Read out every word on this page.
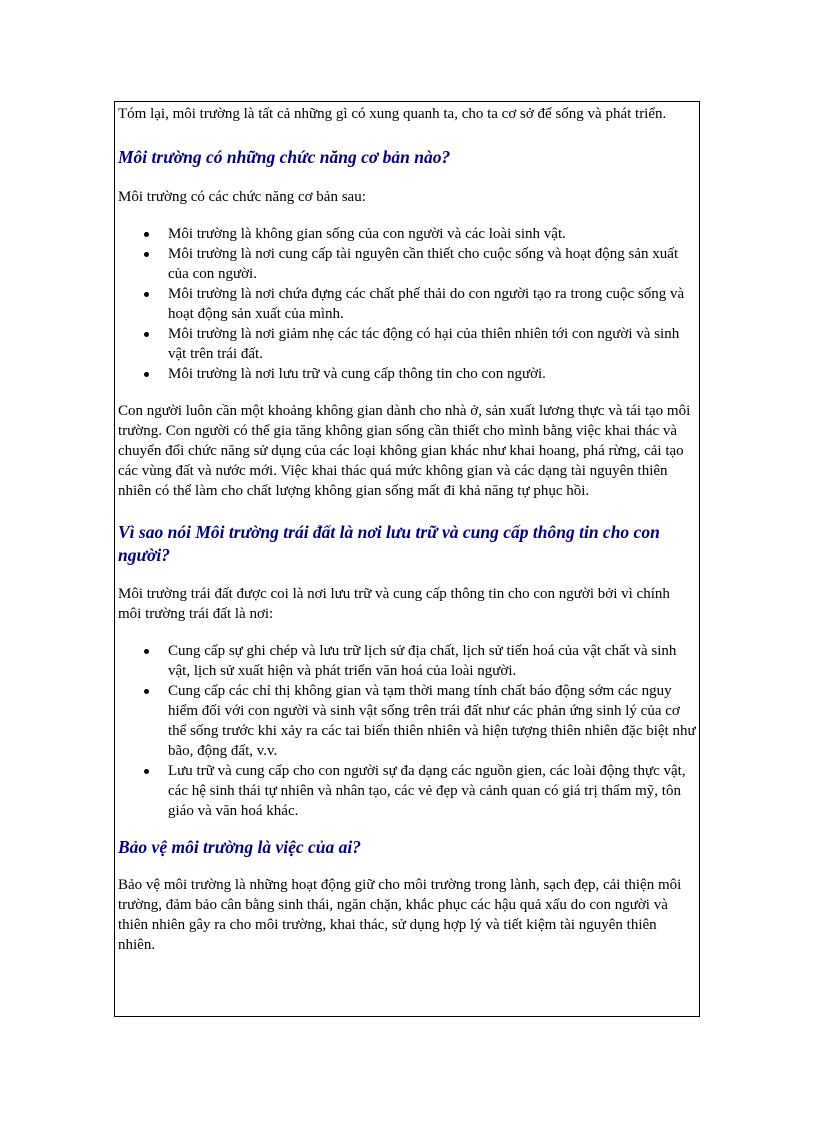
Tóm lại, môi trường là tất cả những gì có xung quanh ta, cho ta cơ sở để sống và phát triển.

Môi trường có những chức năng cơ bản nào?

Môi trường có các chức năng cơ bản sau:

Môi trường là không gian sống của con người và các loài sinh vật.
Môi trường là nơi cung cấp tài nguyên cần thiết cho cuộc sống và hoạt động sản xuất của con người.
Môi trường là nơi chứa đựng các chất phế thải do con người tạo ra trong cuộc sống và hoạt động sản xuất của mình.
Môi trường là nơi giảm nhẹ các tác động có hại của thiên nhiên tới con người và sinh vật trên trái đất.
Môi trường là nơi lưu trữ và cung cấp thông tin cho con người.

Con người luôn cần một khoảng không gian dành cho nhà ở, sản xuất lương thực và tái tạo môi trường. Con người có thể gia tăng không gian sống cần thiết cho mình bằng việc khai thác và chuyển đổi chức năng sử dụng của các loại không gian khác như khai hoang, phá rừng, cải tạo các vùng đất và nước mới. Việc khai thác quá mức không gian và các dạng tài nguyên thiên nhiên có thể làm cho chất lượng không gian sống mất đi khả năng tự phục hồi.

Vì sao nói Môi trường trái đất là nơi lưu trữ và cung cấp thông tin cho con người?

Môi trường trái đất được coi là nơi lưu trữ và cung cấp thông tin cho con người bởi vì chính môi trường trái đất là nơi:

Cung cấp sự ghi chép và lưu trữ lịch sử địa chất, lịch sử tiến hoá của vật chất và sinh vật, lịch sử xuất hiện và phát triển văn hoá của loài người.
Cung cấp các chỉ thị không gian và tạm thời mang tính chất báo động sớm các nguy hiểm đối với con người và sinh vật sống trên trái đất như các phản ứng sinh lý của cơ thể sống trước khi xảy ra các tai biến thiên nhiên và hiện tượng thiên nhiên đặc biệt như bão, động đất, v.v.
Lưu trữ và cung cấp cho con người sự đa dạng các nguồn gien, các loài động thực vật, các hệ sinh thái tự nhiên và nhân tạo, các vẻ đẹp và cảnh quan có giá trị thẩm mỹ, tôn giáo và văn hoá khác.
Bảo vệ môi trường là việc của ai?

Bảo vệ môi trường là những hoạt động giữ cho môi trường trong lành, sạch đẹp, cải thiện môi trường, đảm bảo cân bằng sinh thái, ngăn chặn, khắc phục các hậu quả xấu do con người và thiên nhiên gây ra cho môi trường, khai thác, sử dụng hợp lý và tiết kiệm tài nguyên thiên nhiên.
